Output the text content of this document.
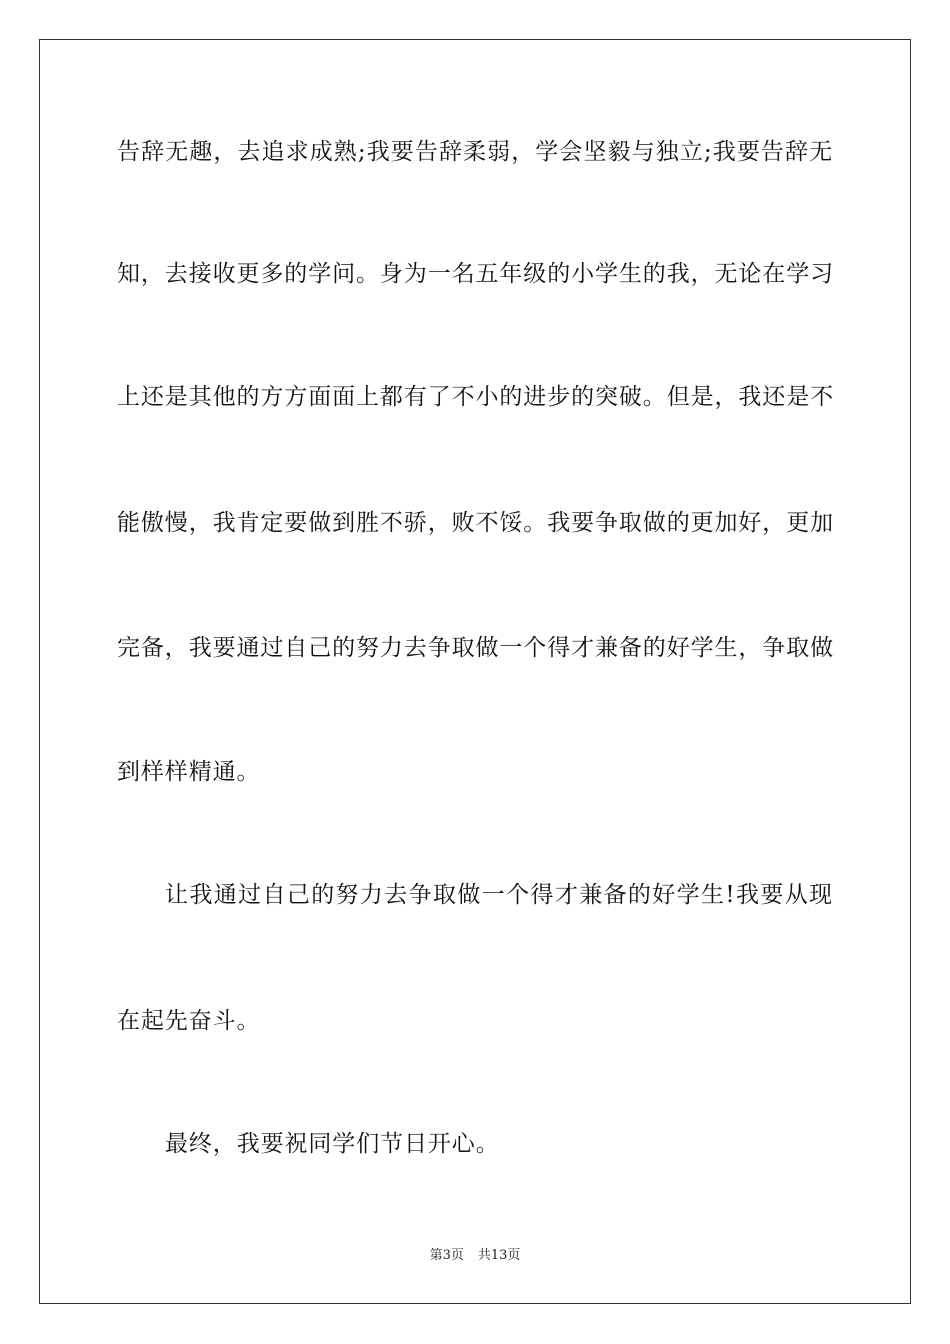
告辞无趣，去追求成熟;我要告辞柔弱，学会坚毅与独立;我要告辞无
知，去接收更多的学问。身为一名五年级的小学生的我，无论在学习
上还是其他的方方面面上都有了不小的进步的突破。但是，我还是不
能傲慢，我肯定要做到胜不骄，败不馁。我要争取做的更加好，更加
完备，我要通过自己的努力去争取做一个得才兼备的好学生，争取做
到样样精通。
让我通过自己的努力去争取做一个得才兼备的好学生!我要从现
在起先奋斗。
最终，我要祝同学们节日开心。
第3页 共13页
